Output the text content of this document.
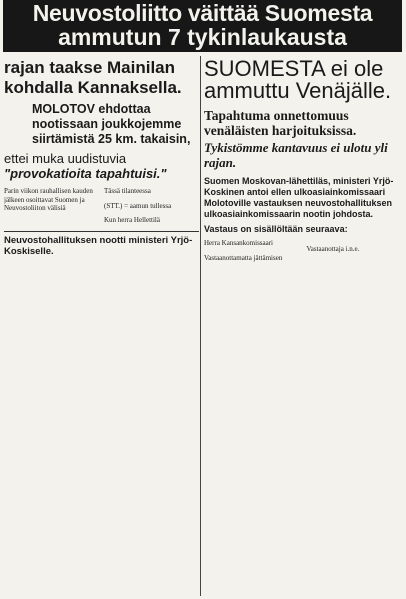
Neuvostoliitto väittää Suomesta
ammutun 7 tykinlaukausta
rajan taakse Mainilan kohdalla Kannaksella.
MOLOTOV ehdottaa nootissaan joukkojemme siirtämistä 25 km. takaisin,
ettei muka uudistuvia "provokatioita tapahtuisi."

Parin viikon rauhallisen kauden jälkeen osoittavat Suomen ja Neuvostoliiton välisiä

Tässä tilanteessa

(STT.) = aamun tullessa

Kun herra Hellettilä

Neuvostohallituksen nootti ministeri Yrjö-Koskiselle.
SUOMESTA ei ole ammuttu Venäjälle.
Tapahtuma onnettomuus venäläisten harjoituksissa.
Tykistömme kantavuus ei ulotu yli rajan.

Suomen Moskovan-lähettiläs, ministeri Yrjö-Koskinen antoi ellen ulkoasiainkomissaari Molotoville vastauksen neuvostohallituksen ulkoasiainkomissaarin nootin johdosta.

Vastaus on sisällöltään seuraava:

Herra Kansankomissaari

Vastaanottamatta jättämisen

Vastaanottaja i.n.e.
